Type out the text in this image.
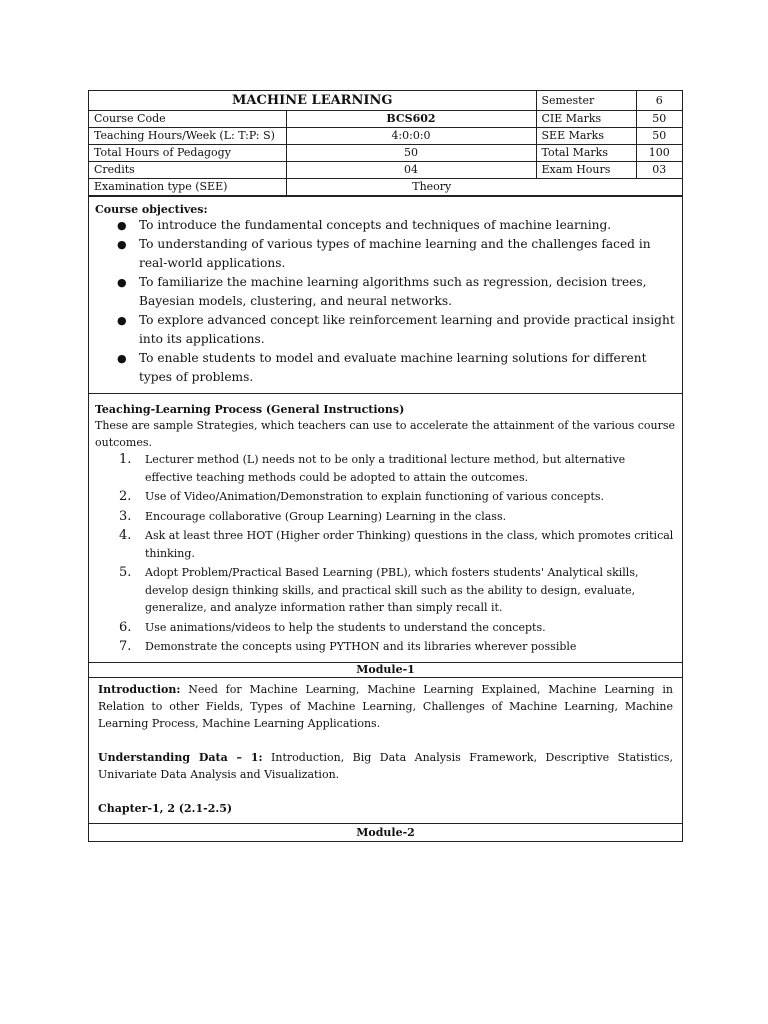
MACHINE LEARNING		Semester	6
Course Code	BCS602	CIE Marks	50
Teaching Hours/Week (L: T:P: S)	4:0:0:0	SEE Marks	50
Total Hours of Pedagogy	50	Total Marks	100
Credits	04	Exam Hours	03
Examination type (SEE)	Theory		
Course objectives:
● To introduce the fundamental concepts and techniques of machine learning.
● To understanding of various types of machine learning and the challenges faced in real-world applications.
● To familiarize the machine learning algorithms such as regression, decision trees, Bayesian models, clustering, and neural networks.
● To explore advanced concept like reinforcement learning and provide practical insight into its applications.
● To enable students to model and evaluate machine learning solutions for different types of problems.
Teaching-Learning Process (General Instructions)
These are sample Strategies, which teachers can use to accelerate the attainment of the various course outcomes.
1. Lecturer method (L) needs not to be only a traditional lecture method, but alternative effective teaching methods could be adopted to attain the outcomes.
2. Use of Video/Animation/Demonstration to explain functioning of various concepts.
3. Encourage collaborative (Group Learning) Learning in the class.
4. Ask at least three HOT (Higher order Thinking) questions in the class, which promotes critical thinking.
5. Adopt Problem/Practical Based Learning (PBL), which fosters students' Analytical skills, develop design thinking skills, and practical skill such as the ability to design, evaluate, generalize, and analyze information rather than simply recall it.
6. Use animations/videos to help the students to understand the concepts.
7. Demonstrate the concepts using PYTHON and its libraries wherever possible
Module-1

Introduction: Need for Machine Learning, Machine Learning Explained, Machine Learning in Relation to other Fields, Types of Machine Learning, Challenges of Machine Learning, Machine Learning Process, Machine Learning Applications.

Understanding Data – 1: Introduction, Big Data Analysis Framework, Descriptive Statistics, Univariate Data Analysis and Visualization.

Chapter-1, 2 (2.1-2.5)

Module-2
